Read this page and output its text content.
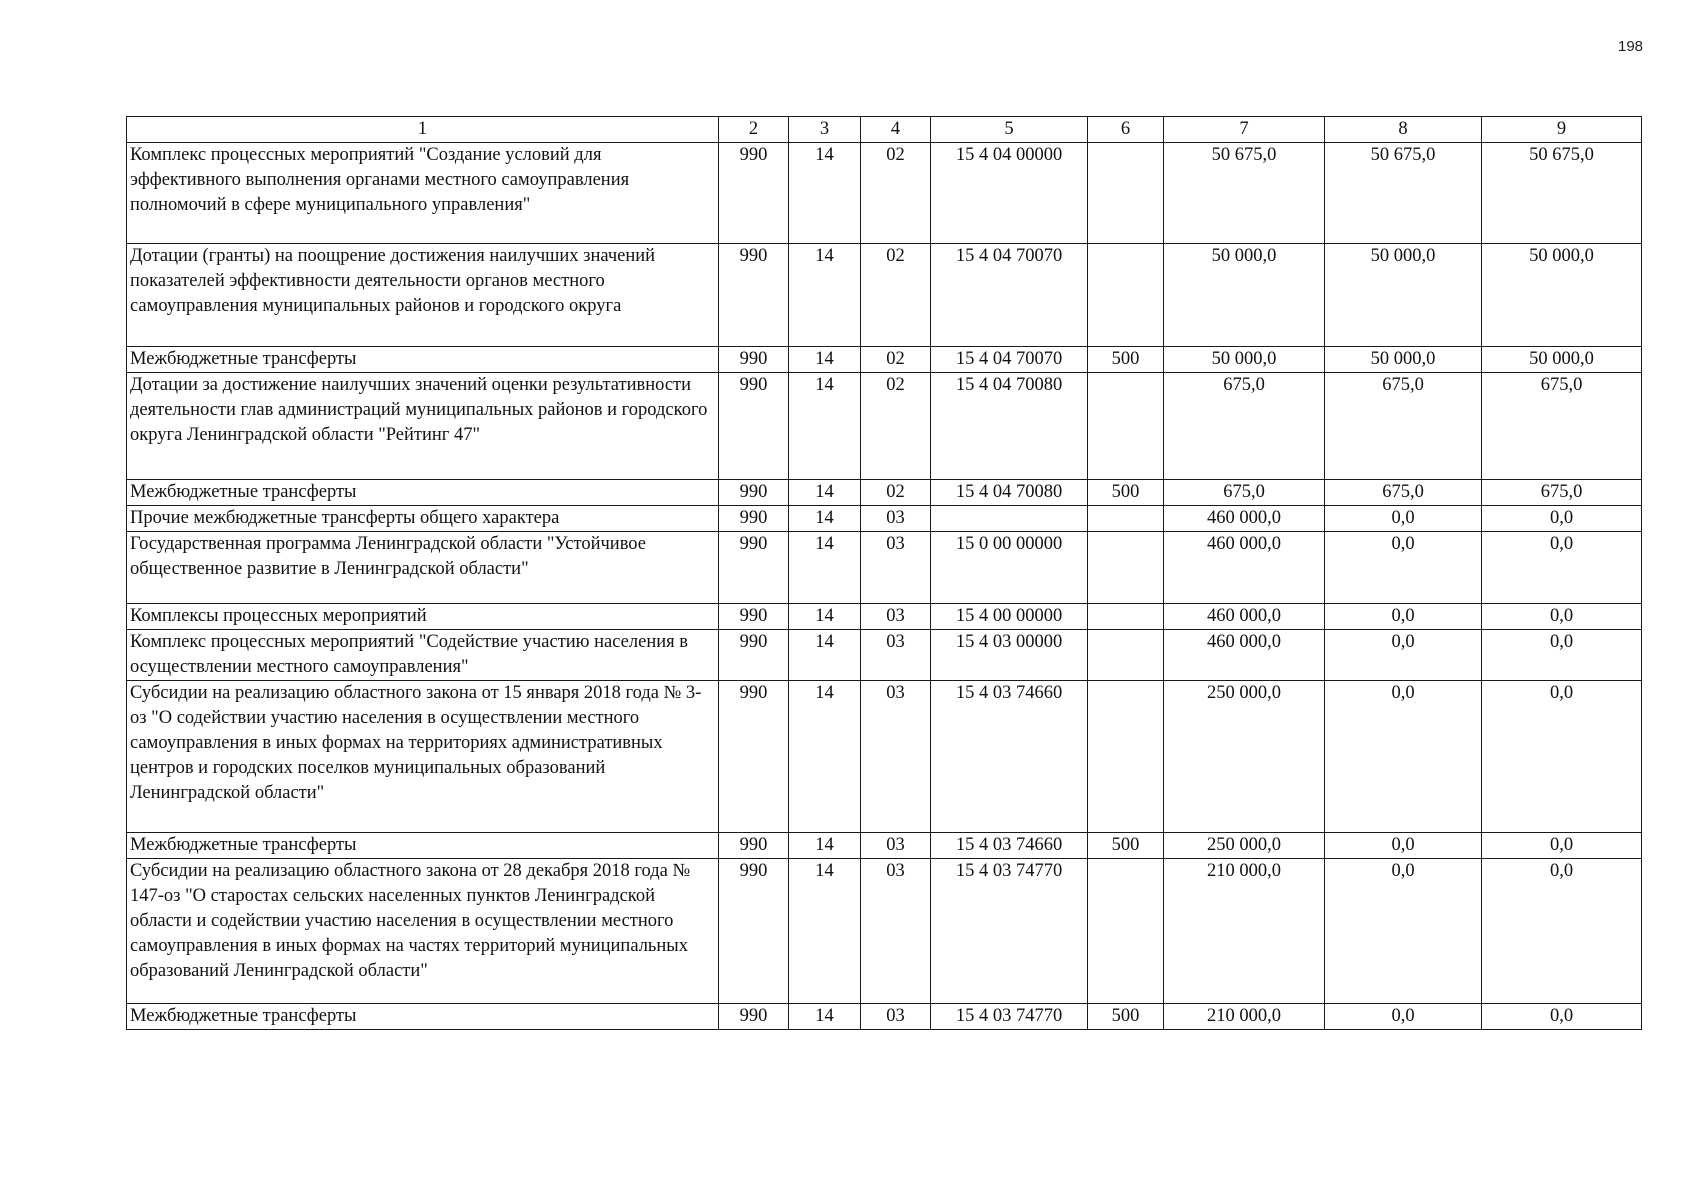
198
1	2	3	4	5	6	7	8	9
Комплекс процессных мероприятий "Создание условий для эффективного выполнения органами местного самоуправления полномочий в сфере муниципального управления"	990	14	02	15 4 04 00000		50 675,0	50 675,0	50 675,0
Дотации (гранты) на поощрение достижения наилучших значений показателей эффективности деятельности органов местного самоуправления муниципальных районов и городского округа	990	14	02	15 4 04 70070		50 000,0	50 000,0	50 000,0
Межбюджетные трансферты	990	14	02	15 4 04 70070	500	50 000,0	50 000,0	50 000,0
Дотации за достижение наилучших значений оценки результативности деятельности глав администраций муниципальных районов и городского округа Ленинградской области "Рейтинг 47"	990	14	02	15 4 04 70080		675,0	675,0	675,0
Межбюджетные трансферты	990	14	02	15 4 04 70080	500	675,0	675,0	675,0
Прочие межбюджетные трансферты общего характера	990	14	03			460 000,0	0,0	0,0
Государственная программа Ленинградской области "Устойчивое общественное развитие в Ленинградской области"	990	14	03	15 0 00 00000		460 000,0	0,0	0,0
Комплексы процессных мероприятий	990	14	03	15 4 00 00000		460 000,0	0,0	0,0
Комплекс процессных мероприятий "Содействие участию населения в осуществлении местного самоуправления"	990	14	03	15 4 03 00000		460 000,0	0,0	0,0
Субсидии на реализацию областного закона от 15 января 2018 года № 3-оз "О содействии участию населения в осуществлении местного самоуправления в иных формах на территориях административных центров и городских поселков муниципальных образований Ленинградской области"	990	14	03	15 4 03 74660		250 000,0	0,0	0,0
Межбюджетные трансферты	990	14	03	15 4 03 74660	500	250 000,0	0,0	0,0
Субсидии на реализацию областного закона от 28 декабря 2018 года № 147-оз "О старостах сельских населенных пунктов Ленинградской области и содействии участию населения в осуществлении местного самоуправления в иных формах на частях территорий муниципальных образований Ленинградской области"	990	14	03	15 4 03 74770		210 000,0	0,0	0,0
Межбюджетные трансферты	990	14	03	15 4 03 74770	500	210 000,0	0,0	0,0
